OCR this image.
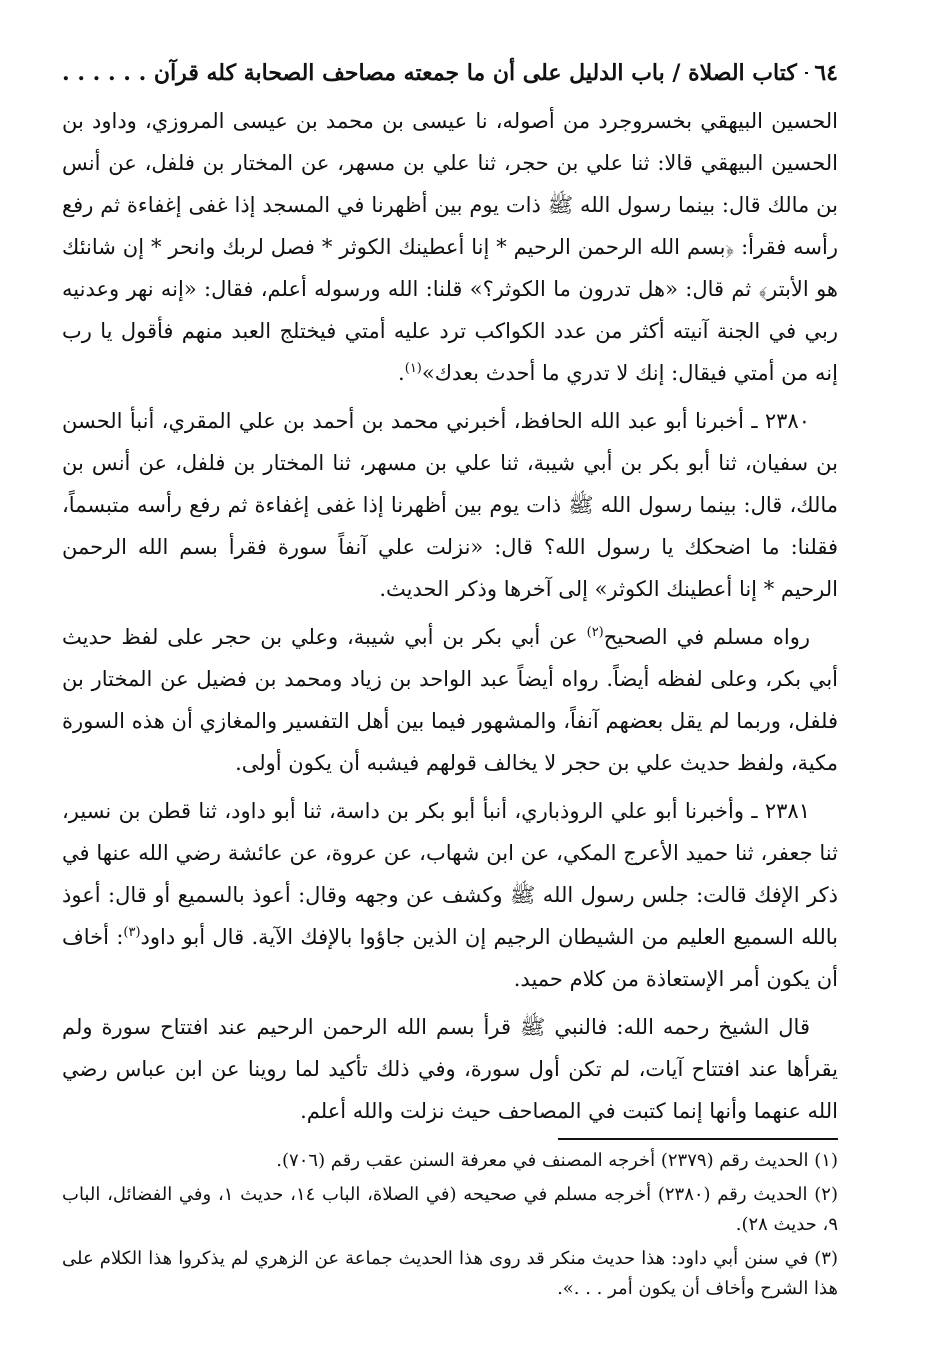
٦٤
كتاب الصلاة / باب الدليل على أن ما جمعته مصاحف الصحابة كله قرآن . . . . . .

الحسين البيهقي بخسروجرد من أصوله، نا عيسى بن محمد بن عيسى المروزي، وداود بن الحسين البيهقي قالا: ثنا علي بن حجر، ثنا علي بن مسهر، عن المختار بن فلفل، عن أنس بن مالك قال: بينما رسول الله ﷺ ذات يوم بين أظهرنا في المسجد إذا غفى إغفاءة ثم رفع رأسه فقرأ: ﴿بسم الله الرحمن الرحيم * إنا أعطينك الكوثر * فصل لربك وانحر * إن شانئك هو الأبتر﴾ ثم قال: «هل تدرون ما الكوثر؟» قلنا: الله ورسوله أعلم، فقال: «إنه نهر وعدنيه ربي في الجنة آنيته أكثر من عدد الكواكب ترد عليه أمتي فيختلج العبد منهم فأقول يا رب إنه من أمتي فيقال: إنك لا تدري ما أحدث بعدك»$^{(١)}$.

٢٣٨٠ ـ أخبرنا أبو عبد الله الحافظ، أخبرني محمد بن أحمد بن علي المقري، أنبأ الحسن بن سفيان، ثنا أبو بكر بن أبي شيبة، ثنا علي بن مسهر، ثنا المختار بن فلفل، عن أنس بن مالك، قال: بينما رسول الله ﷺ ذات يوم بين أظهرنا إذا غفى إغفاءة ثم رفع رأسه متبسماً، فقلنا: ما اضحكك يا رسول الله؟ قال: «نزلت علي آنفاً سورة فقرأ بسم الله الرحمن الرحيم * إنا أعطينك الكوثر» إلى آخرها وذكر الحديث.

رواه مسلم في الصحيح$^{(٢)}$ عن أبي بكر بن أبي شيبة، وعلي بن حجر على لفظ حديث أبي بكر، وعلى لفظه أيضاً. رواه أيضاً عبد الواحد بن زياد ومحمد بن فضيل عن المختار بن فلفل، وربما لم يقل بعضهم آنفاً، والمشهور فيما بين أهل التفسير والمغازي أن هذه السورة مكية، ولفظ حديث علي بن حجر لا يخالف قولهم فيشبه أن يكون أولى.

٢٣٨١ ـ وأخبرنا أبو علي الروذباري، أنبأ أبو بكر بن داسة، ثنا أبو داود، ثنا قطن بن نسير، ثنا جعفر، ثنا حميد الأعرج المكي، عن ابن شهاب، عن عروة، عن عائشة رضي الله عنها في ذكر الإفك قالت: جلس رسول الله ﷺ وكشف عن وجهه وقال: أعوذ بالسميع أو قال: أعوذ بالله السميع العليم من الشيطان الرجيم إن الذين جاؤوا بالإفك الآية. قال أبو داود$^{(٣)}$: أخاف أن يكون أمر الإستعاذة من كلام حميد.

قال الشيخ رحمه الله: فالنبي ﷺ قرأ بسم الله الرحمن الرحيم عند افتتاح سورة ولم يقرأها عند افتتاح آيات، لم تكن أول سورة، وفي ذلك تأكيد لما روينا عن ابن عباس رضي الله عنهما وأنها إنما كتبت في المصاحف حيث نزلت والله أعلم.

(١) الحديث رقم (٢٣٧٩) أخرجه المصنف في معرفة السنن عقب رقم (٧٠٦).

(٢) الحديث رقم (٢٣٨٠) أخرجه مسلم في صحيحه (في الصلاة، الباب ١٤، حديث ١، وفي الفضائل، الباب ٩، حديث ٢٨).

(٣) في سنن أبي داود: هذا حديث منكر قد روى هذا الحديث جماعة عن الزهري لم يذكروا هذا الكلام على هذا الشرح وأخاف أن يكون أمر . . .».
